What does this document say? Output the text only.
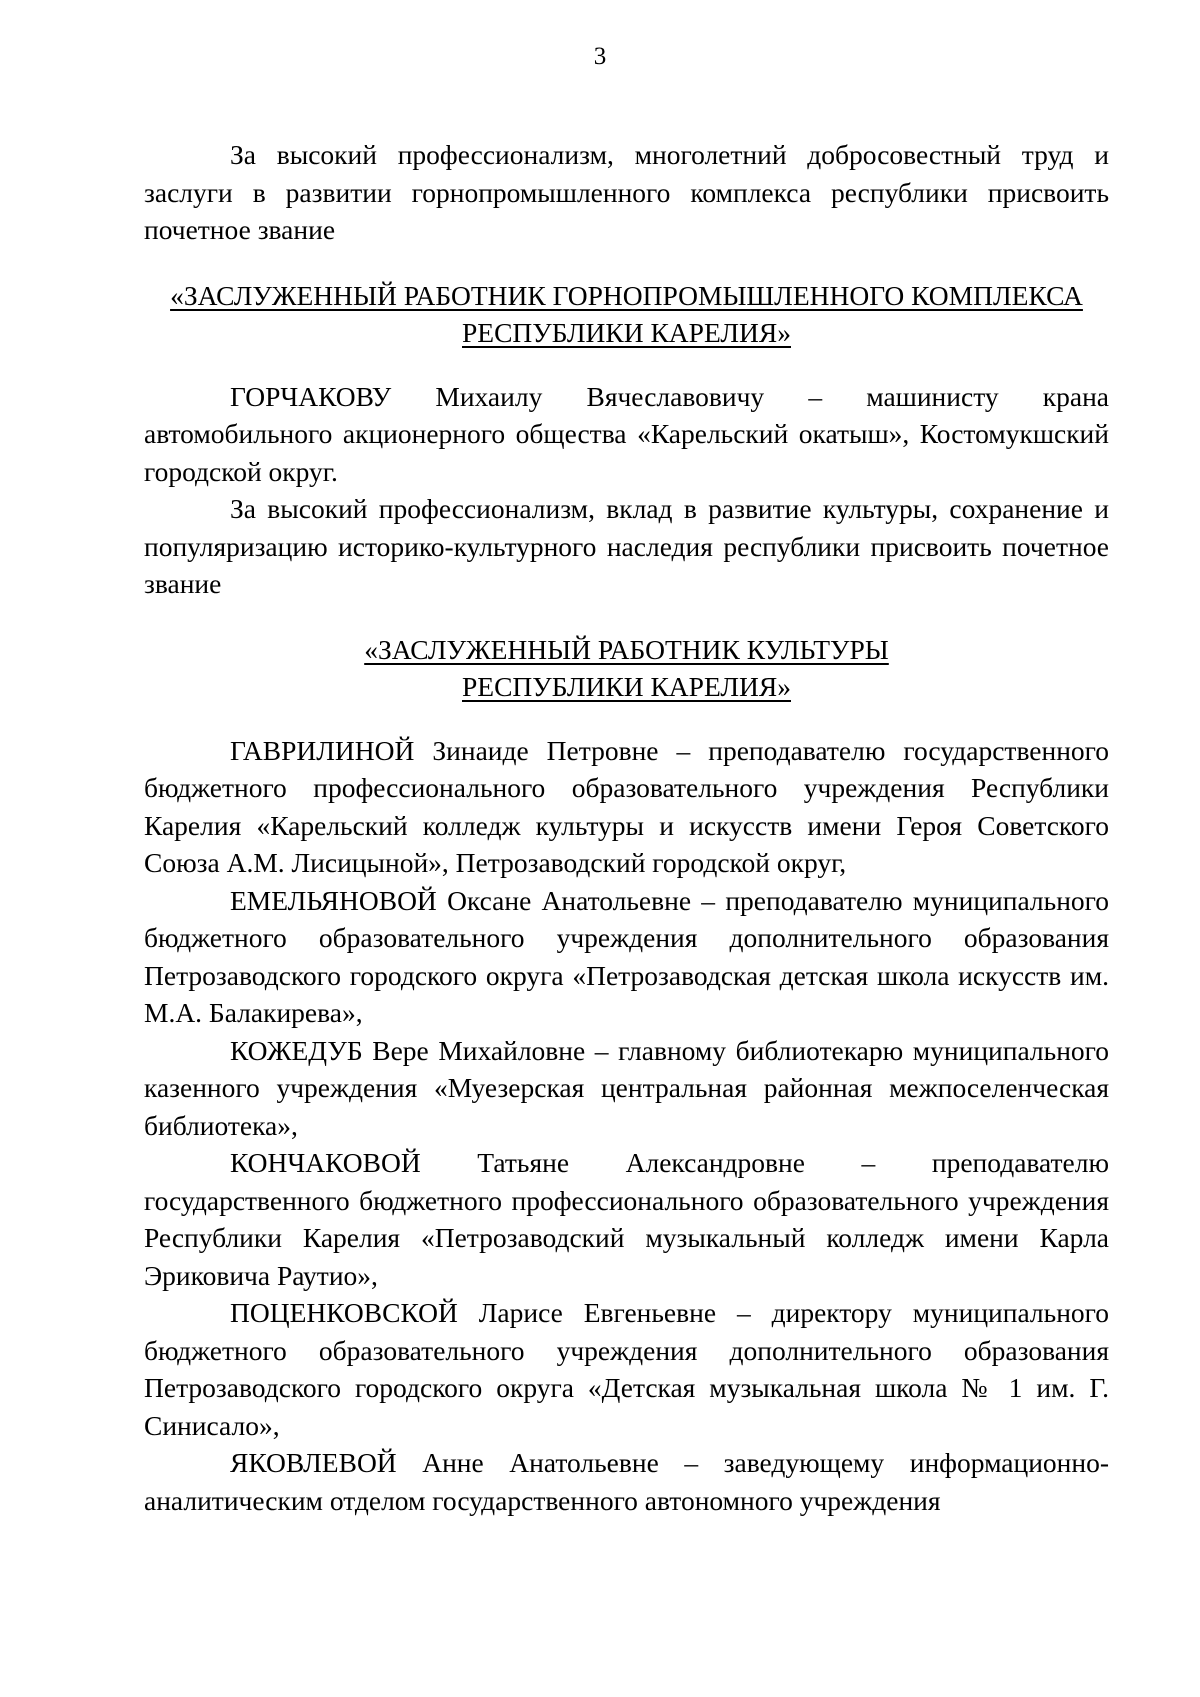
3

За высокий профессионализм, многолетний добросовестный труд и заслуги в развитии горнопромышленного комплекса республики присвоить почетное звание

«ЗАСЛУЖЕННЫЙ РАБОТНИК ГОРНОПРОМЫШЛЕННОГО КОМПЛЕКСА
РЕСПУБЛИКИ КАРЕЛИЯ»

ГОРЧАКОВУ Михаилу Вячеславовичу – машинисту крана автомобильного акционерного общества «Карельский окатыш», Костомукшский городской округ.

За высокий профессионализм, вклад в развитие культуры, сохранение и популяризацию историко-культурного наследия республики присвоить почетное звание

«ЗАСЛУЖЕННЫЙ РАБОТНИК КУЛЬТУРЫ
РЕСПУБЛИКИ КАРЕЛИЯ»

ГАВРИЛИНОЙ Зинаиде Петровне – преподавателю государственного бюджетного профессионального образовательного учреждения Республики Карелия «Карельский колледж культуры и искусств имени Героя Советского Союза А.М. Лисицыной», Петрозаводский городской округ,

ЕМЕЛЬЯНОВОЙ Оксане Анатольевне – преподавателю муниципального бюджетного образовательного учреждения дополнительного образования Петрозаводского городского округа «Петрозаводская детская школа искусств им. М.А. Балакирева»,

КОЖЕДУБ Вере Михайловне – главному библиотекарю муниципального казенного учреждения «Муезерская центральная районная межпоселенческая библиотека»,

КОНЧАКОВОЙ Татьяне Александровне – преподавателю государственного бюджетного профессионального образовательного учреждения Республики Карелия «Петрозаводский музыкальный колледж имени Карла Эриковича Раутио»,

ПОЦЕНКОВСКОЙ Ларисе Евгеньевне – директору муниципального бюджетного образовательного учреждения дополнительного образования Петрозаводского городского округа «Детская музыкальная школа № 1 им. Г. Синисало»,

ЯКОВЛЕВОЙ Анне Анатольевне – заведующему информационно-аналитическим отделом государственного автономного учреждения
